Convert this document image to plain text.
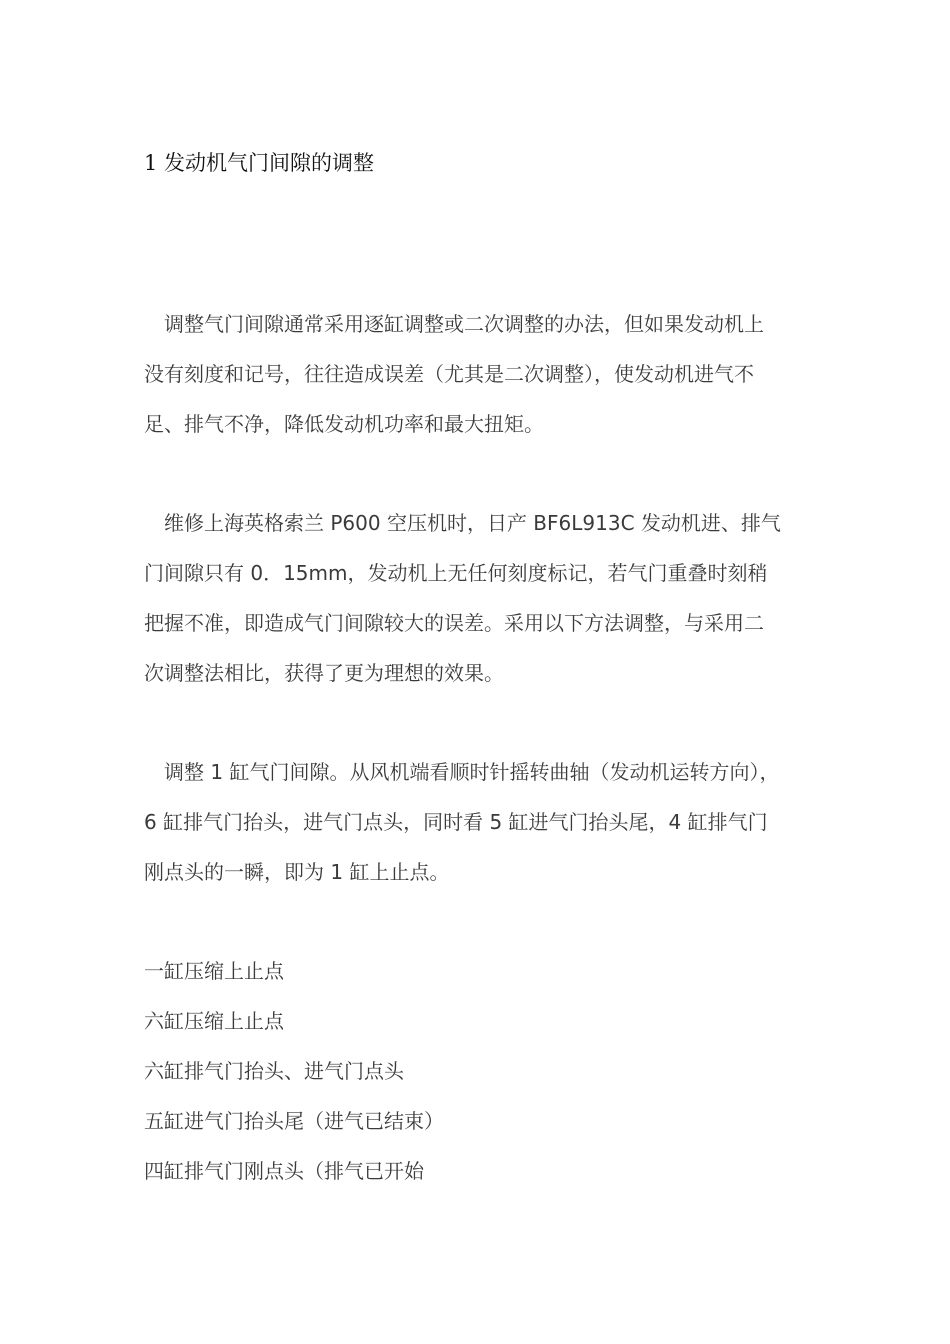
1 发动机气门间隙的调整
　调整气门间隙通常采用逐缸调整或二次调整的办法，但如果发动机上
没有刻度和记号，往往造成误差（尤其是二次调整），使发动机进气不
足、排气不净，降低发动机功率和最大扭矩。
　维修上海英格索兰 P600 空压机时，日产 BF6L913C 发动机进、排气
门间隙只有 0．15mm，发动机上无任何刻度标记，若气门重叠时刻稍
把握不准，即造成气门间隙较大的误差。采用以下方法调整，与采用二
次调整法相比，获得了更为理想的效果。
　调整 1 缸气门间隙。从风机端看顺时针摇转曲轴（发动机运转方向），
6 缸排气门抬头，进气门点头，同时看 5 缸进气门抬头尾，4 缸排气门
刚点头的一瞬，即为 1 缸上止点。
一缸压缩上止点
六缸压缩上止点
六缸排气门抬头、进气门点头
五缸进气门抬头尾（进气已结束）
四缸排气门刚点头（排气已开始
